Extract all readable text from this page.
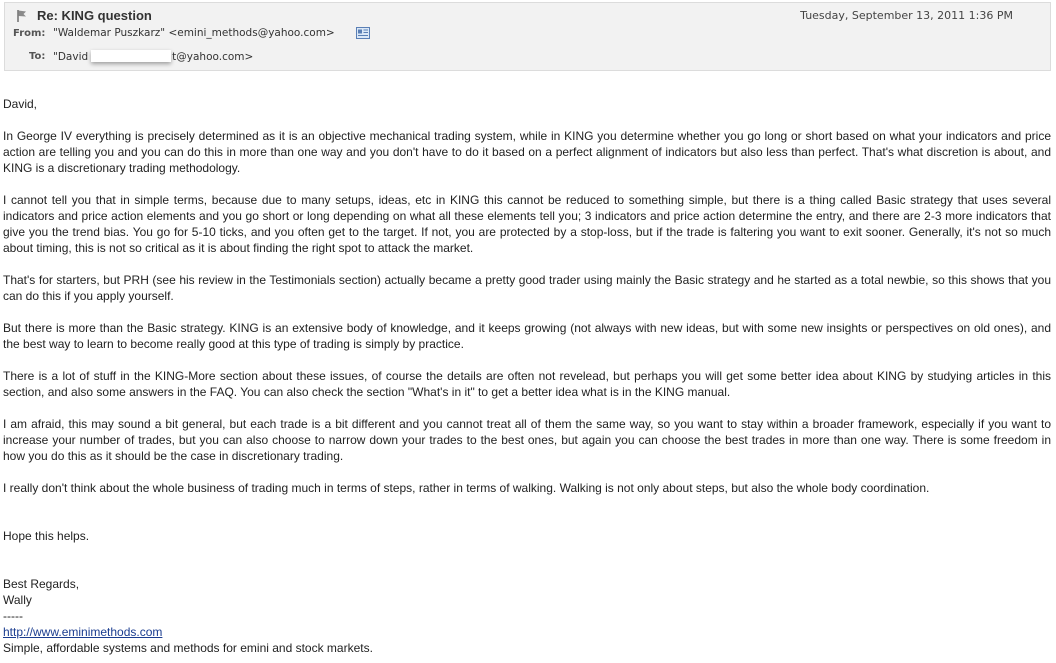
Re: KING question	Tuesday, September 13, 2011 1:36 PM
From: "Waldemar Puszkarz" <emini_methods@yahoo.com>
To: "David	t@yahoo.com>

David,

In George IV everything is precisely determined as it is an objective mechanical trading system, while in KING you determine whether you go long or short based on what your indicators and price action are telling you and you can do this in more than one way and you don't have to do it based on a perfect alignment of indicators but also less than perfect. That's what discretion is about, and KING is a discretionary trading methodology.

I cannot tell you that in simple terms, because due to many setups, ideas, etc in KING this cannot be reduced to something simple, but there is a thing called Basic strategy that uses several indicators and price action elements and you go short or long depending on what all these elements tell you; 3 indicators and price action determine the entry, and there are 2-3 more indicators that give you the trend bias. You go for 5-10 ticks, and you often get to the target. If not, you are protected by a stop-loss, but if the trade is faltering you want to exit sooner. Generally, it's not so much about timing, this is not so critical as it is about finding the right spot to attack the market.

That's for starters, but PRH (see his review in the Testimonials section) actually became a pretty good trader using mainly the Basic strategy and he started as a total newbie, so this shows that you can do this if you apply yourself.

But there is more than the Basic strategy. KING is an extensive body of knowledge, and it keeps growing (not always with new ideas, but with some new insights or perspectives on old ones), and the best way to learn to become really good at this type of trading is simply by practice.

There is a lot of stuff in the KING-More section about these issues, of course the details are often not revelead, but perhaps you will get some better idea about KING by studying articles in this section, and also some answers in the FAQ. You can also check the section "What's in it" to get a better idea what is in the KING manual.

I am afraid, this may sound a bit general, but each trade is a bit different and you cannot treat all of them the same way, so you want to stay within a broader framework, especially if you want to increase your number of trades, but you can also choose to narrow down your trades to the best ones, but again you can choose the best trades in more than one way. There is some freedom in how you do this as it should be the case in discretionary trading.

I really don't think about the whole business of trading much in terms of steps, rather in terms of walking. Walking is not only about steps, but also the whole body coordination.

Hope this helps.

Best Regards,
Wally
-----
http://www.eminimethods.com
Simple, affordable systems and methods for emini and stock markets.
